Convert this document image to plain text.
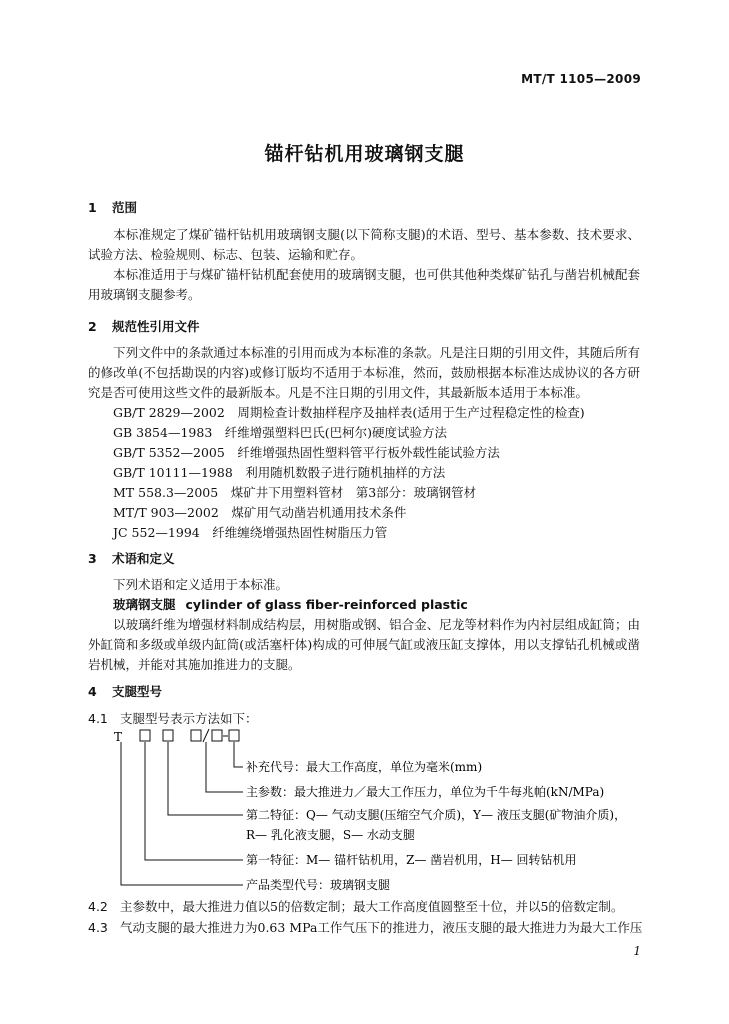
MT/T 1105—2009
锚杆钻机用玻璃钢支腿
1 范围
本标准规定了煤矿锚杆钻机用玻璃钢支腿(以下简称支腿)的术语、型号、基本参数、技术要求、试验方法、检验规则、标志、包装、运输和贮存。
本标准适用于与煤矿锚杆钻机配套使用的玻璃钢支腿，也可供其他种类煤矿钻孔与凿岩机械配套用玻璃钢支腿参考。
2 规范性引用文件
下列文件中的条款通过本标准的引用而成为本标准的条款。凡是注日期的引用文件，其随后所有的修改单(不包括勘误的内容)或修订版均不适用于本标准，然而，鼓励根据本标准达成协议的各方研究是否可使用这些文件的最新版本。凡是不注日期的引用文件，其最新版本适用于本标准。
GB/T 2829—2002　周期检查计数抽样程序及抽样表(适用于生产过程稳定性的检查)
GB 3854—1983　纤维增强塑料巴氏(巴柯尔)硬度试验方法
GB/T 5352—2005　纤维增强热固性塑料管平行板外载性能试验方法
GB/T 10111—1988　利用随机数骰子进行随机抽样的方法
MT 558.3—2005　煤矿井下用塑料管材　第3部分：玻璃钢管材
MT/T 903—2002　煤矿用气动凿岩机通用技术条件
JC 552—1994　纤维缠绕增强热固性树脂压力管
3 术语和定义
下列术语和定义适用于本标准。
玻璃钢支腿 cylinder of glass fiber-reinforced plastic
以玻璃纤维为增强材料制成结构层，用树脂或钢、铝合金、尼龙等材料作为内衬层组成缸筒；由外缸筒和多级或单级内缸筒(或活塞杆体)构成的可伸展气缸或液压缸支撑体，用以支撑钻孔机械或凿岩机械，并能对其施加推进力的支腿。
4 支腿型号
4.1 支腿型号表示方法如下：
T
补充代号：最大工作高度，单位为毫米(mm)
主参数：最大推进力／最大工作压力，单位为千牛每兆帕(kN/MPa)
第二特征：Q— 气动支腿(压缩空气介质)，Y— 液压支腿(矿物油介质)，
R— 乳化液支腿，S— 水动支腿
第一特征：M— 锚杆钻机用，Z— 凿岩机用，H— 回转钻机用
产品类型代号：玻璃钢支腿
4.2 主参数中，最大推进力值以5的倍数定制；最大工作高度值圆整至十位，并以5的倍数定制。
4.3 气动支腿的最大推进力为0.63 MPa工作气压下的推进力，液压支腿的最大推进力为最大工作压
1
